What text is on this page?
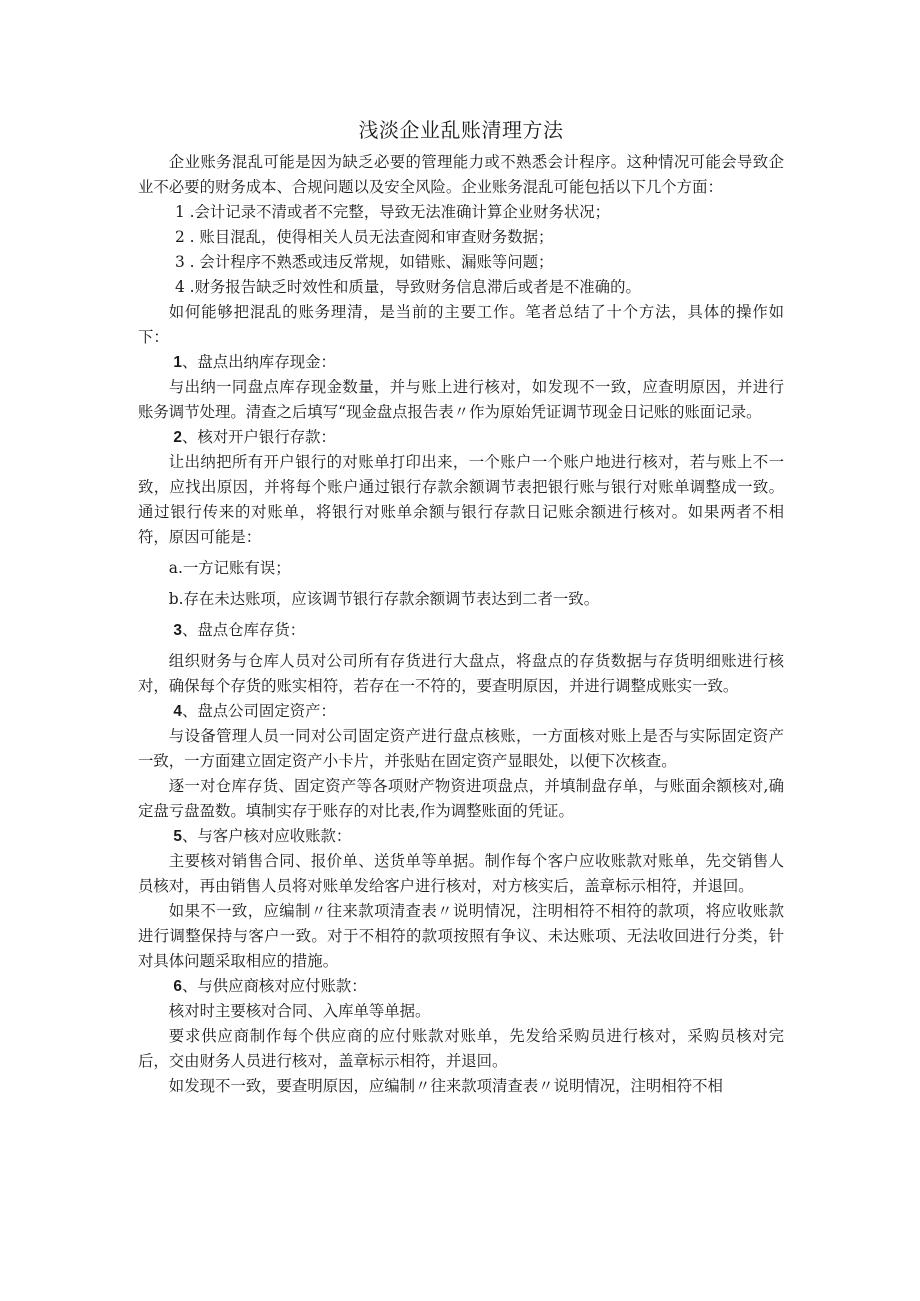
浅淡企业乱账清理方法

企业账务混乱可能是因为缺乏必要的管理能力或不熟悉会计程序。这种情况可能会导致企业不必要的财务成本、合规问题以及安全风险。企业账务混乱可能包括以下几个方面：

1 .会计记录不清或者不完整，导致无法准确计算企业财务状况；

2 . 账目混乱，使得相关人员无法查阅和审查财务数据；

3 . 会计程序不熟悉或违反常规，如错账、漏账等问题；

4 .财务报告缺乏时效性和质量，导致财务信息滞后或者是不准确的。

如何能够把混乱的账务理清，是当前的主要工作。笔者总结了十个方法，具体的操作如下：

1、盘点出纳库存现金：

与出纳一同盘点库存现金数量，并与账上进行核对，如发现不一致，应查明原因，并进行账务调节处理。清查之后填写“现金盘点报告表〃作为原始凭证调节现金日记账的账面记录。

2、核对开户银行存款：

让出纳把所有开户银行的对账单打印出来，一个账户一个账户地进行核对，若与账上不一致，应找出原因，并将每个账户通过银行存款余额调节表把银行账与银行对账单调整成一致。通过银行传来的对账单，将银行对账单余额与银行存款日记账余额进行核对。如果两者不相符，原因可能是：

a.一方记账有误；

b.存在未达账项，应该调节银行存款余额调节表达到二者一致。

3、盘点仓库存货：

组织财务与仓库人员对公司所有存货进行大盘点，将盘点的存货数据与存货明细账进行核对，确保每个存货的账实相符，若存在一不符的，要查明原因，并进行调整成账实一致。

4、盘点公司固定资产：

与设备管理人员一同对公司固定资产进行盘点核账，一方面核对账上是否与实际固定资产一致，一方面建立固定资产小卡片，并张贴在固定资产显眼处，以便下次核查。

逐一对仓库存货、固定资产等各项财产物资进项盘点，并填制盘存单，与账面余额核对,确定盘亏盘盈数。填制实存于账存的对比表,作为调整账面的凭证。

5、与客户核对应收账款：

主要核对销售合同、报价单、送货单等单据。制作每个客户应收账款对账单，先交销售人员核对，再由销售人员将对账单发给客户进行核对，对方核实后，盖章标示相符，并退回。

如果不一致，应编制〃往来款项清查表〃说明情况，注明相符不相符的款项，将应收账款进行调整保持与客户一致。对于不相符的款项按照有争议、未达账项、无法收回进行分类，针对具体问题采取相应的措施。

6、与供应商核对应付账款：

核对时主要核对合同、入库单等单据。

要求供应商制作每个供应商的应付账款对账单，先发给采购员进行核对，采购员核对完后，交由财务人员进行核对，盖章标示相符，并退回。

如发现不一致，要查明原因，应编制〃往来款项清查表〃说明情况，注明相符不相
